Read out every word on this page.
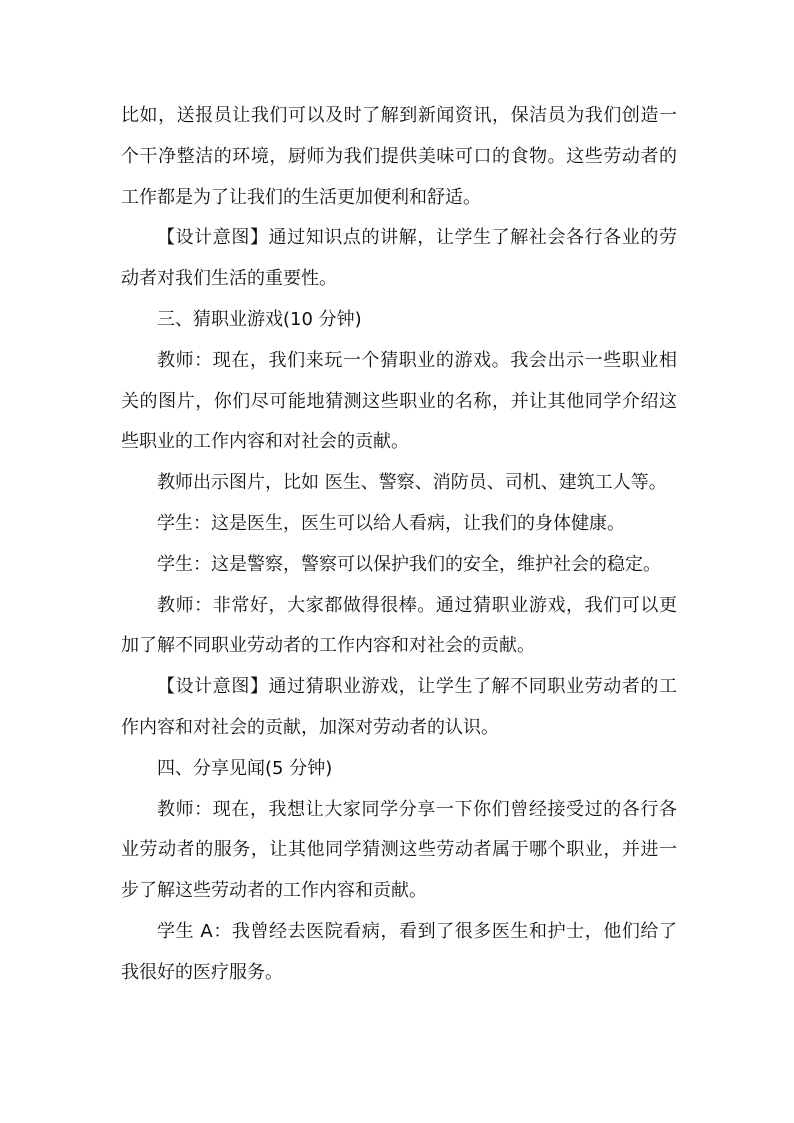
比如，送报员让我们可以及时了解到新闻资讯，保洁员为我们创造一个干净整洁的环境，厨师为我们提供美味可口的食物。这些劳动者的工作都是为了让我们的生活更加便利和舒适。

【设计意图】通过知识点的讲解，让学生了解社会各行各业的劳动者对我们生活的重要性。

三、猜职业游戏(10 分钟)

教师：现在，我们来玩一个猜职业的游戏。我会出示一些职业相关的图片，你们尽可能地猜测这些职业的名称，并让其他同学介绍这些职业的工作内容和对社会的贡献。

教师出示图片，比如 医生、警察、消防员、司机、建筑工人等。

学生：这是医生，医生可以给人看病，让我们的身体健康。

学生：这是警察，警察可以保护我们的安全，维护社会的稳定。

教师：非常好，大家都做得很棒。通过猜职业游戏，我们可以更加了解不同职业劳动者的工作内容和对社会的贡献。

【设计意图】通过猜职业游戏，让学生了解不同职业劳动者的工作内容和对社会的贡献，加深对劳动者的认识。

四、分享见闻(5 分钟)

教师：现在，我想让大家同学分享一下你们曾经接受过的各行各业劳动者的服务，让其他同学猜测这些劳动者属于哪个职业，并进一步了解这些劳动者的工作内容和贡献。

学生 A：我曾经去医院看病，看到了很多医生和护士，他们给了我很好的医疗服务。
